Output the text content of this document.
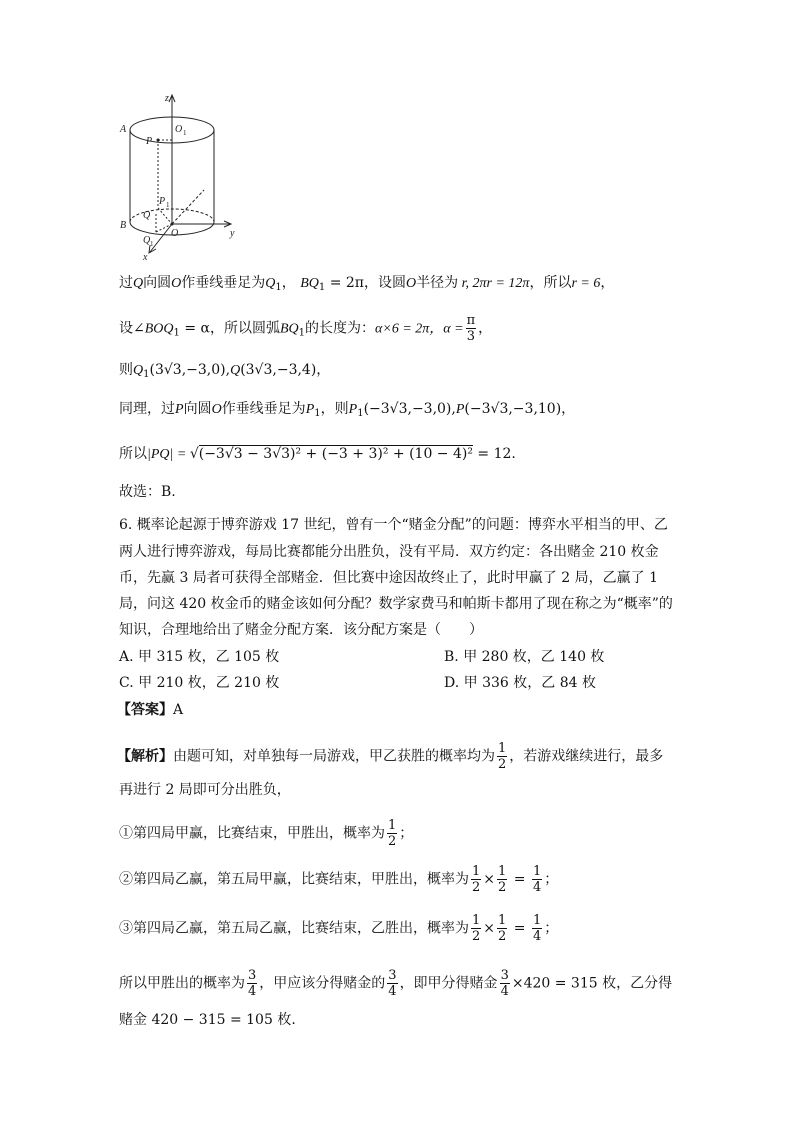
z
A	O 1
P
P 1
B
Q
O
Q 1
x
y
过Q向圆O作垂线垂足为$Q_1$， $BQ_1 = 2\pi$，设圆O半径为 r, 2πr = 12π，所以r = 6，
设$\angle BOQ_1 = \alpha$，所以圆弧$BQ_1$的长度为：α×6 = 2π，$\alpha = \frac{\pi}{3}$ ，
则$Q_1(3√3,-3,0),Q(3√3,-3,4)$，
同理，过P向圆O作垂线垂足为$P_1$，则$P_1(-3√3,-3,0),P(-3√3,-3,10)$，
所以|PQ| = √(−3√3 − 3√3)² + (−3 + 3)² + (10 − 4)² = 12.
故选：B.
6. 概率论起源于博弈游戏 17 世纪，曾有一个“赌金分配”的问题：博弈水平相当的甲、乙
两人进行博弈游戏，每局比赛都能分出胜负，没有平局．双方约定：各出赌金 210 枚金
币，先赢 3 局者可获得全部赌金．但比赛中途因故终止了，此时甲赢了 2 局，乙赢了 1
局，问这 420 枚金币的赌金该如何分配？数学家费马和帕斯卡都用了现在称之为“概率”的
知识，合理地给出了赌金分配方案．该分配方案是（　　）
A. 甲 315 枚，乙 105 枚	B. 甲 280 枚，乙 140 枚
C. 甲 210 枚，乙 210 枚	D. 甲 336 枚，乙 84 枚
【答案】A
【解析】由题可知，对单独每一局游戏，甲乙获胜的概率均为 $\frac{1}{2}$ ，若游戏继续进行，最多
再进行 2 局即可分出胜负，
①第四局甲赢，比赛结束，甲胜出，概率为 $\frac{1}{2}$ ；
②第四局乙赢，第五局甲赢，比赛结束，甲胜出，概率为 $\frac{1}{2} \times \frac{1}{2} = \frac{1}{4}$ ；
③第四局乙赢，第五局乙赢，比赛结束，乙胜出，概率为 $\frac{1}{2} \times \frac{1}{2} = \frac{1}{4}$ ；
所以甲胜出的概率为 $\frac{3}{4}$ ，甲应该分得赌金的 $\frac{3}{4}$ ，即甲分得赌金 $\frac{3}{4} \times 420 = 315$ 枚，乙分得
赌金 420 − 315 = 105 枚.
